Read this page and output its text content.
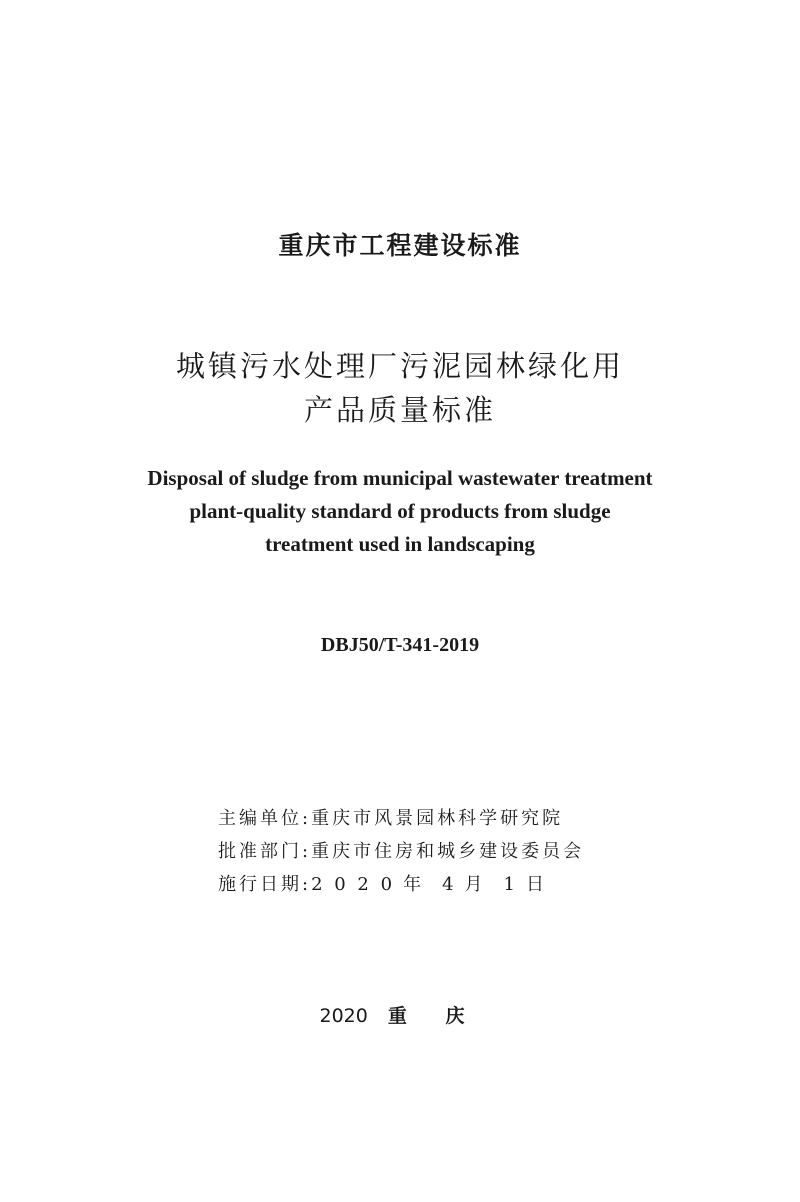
重庆市工程建设标准
城镇污水处理厂污泥园林绿化用
产品质量标准
Disposal of sludge from municipal wastewater treatment
plant-quality standard of products from sludge
treatment used in landscaping
DBJ50/T-341-2019
主编单位:重庆市风景园林科学研究院
批准部门:重庆市住房和城乡建设委员会
施行日期:2 0 2 0 年 4 月 1 日
2020 重 庆
